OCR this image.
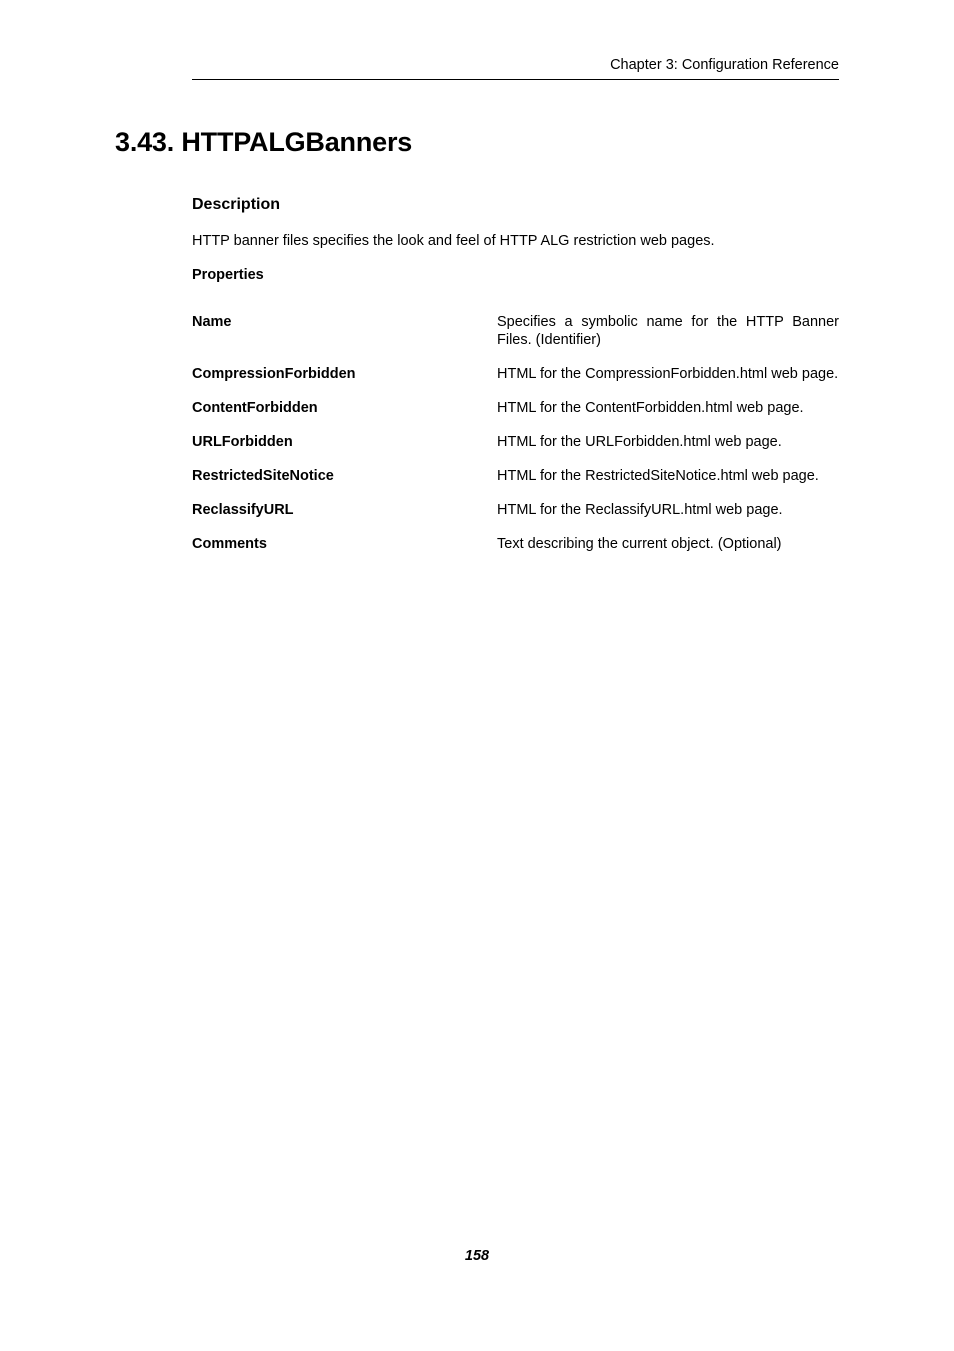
Chapter 3: Configuration Reference
3.43. HTTPALGBanners
Description

HTTP banner files specifies the look and feel of HTTP ALG restriction web pages.

Properties
Name	Specifies a symbolic name for the HTTP Banner Files. (Identifier)
CompressionForbidden	HTML for the CompressionForbidden.html web page.
ContentForbidden	HTML for the ContentForbidden.html web page.
URLForbidden	HTML for the URLForbidden.html web page.
RestrictedSiteNotice	HTML for the RestrictedSiteNotice.html web page.
ReclassifyURL	HTML for the ReclassifyURL.html web page.
Comments	Text describing the current object. (Optional)
158
